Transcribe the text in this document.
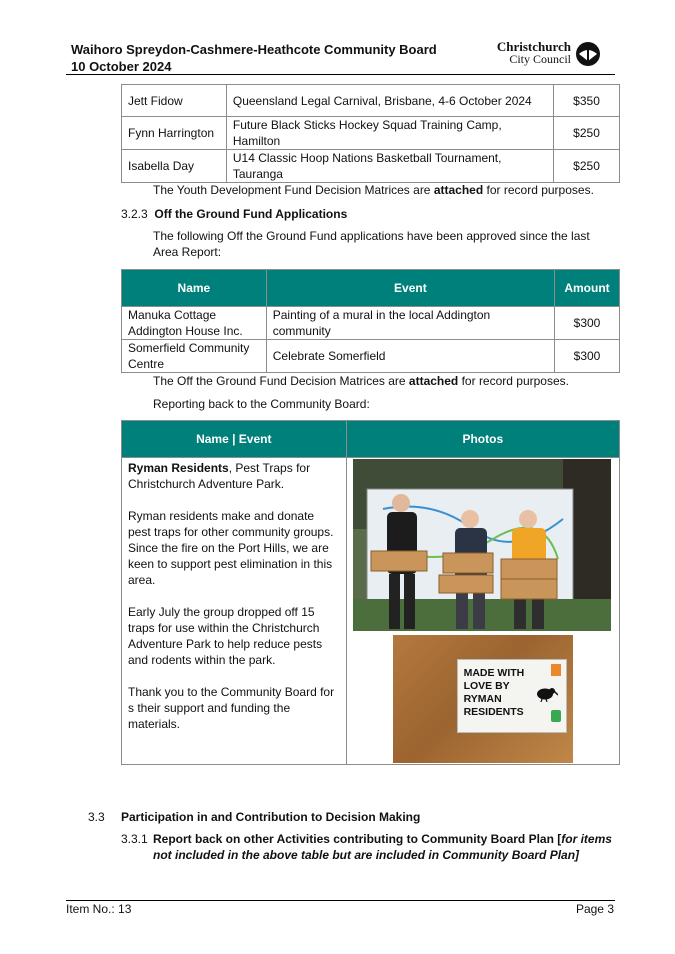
Waihoro Spreydon-Cashmere-Heathcote Community Board
10 October 2024
Christchurch
City Council
Jett Fidow	Queensland Legal Carnival, Brisbane, 4-6 October 2024	$350
Fynn Harrington	Future Black Sticks Hockey Squad Training Camp, Hamilton	$250
Isabella Day	U14 Classic Hoop Nations Basketball Tournament, Tauranga	$250
The Youth Development Fund Decision Matrices are attached for record purposes.
3.2.3 Off the Ground Fund Applications
The following Off the Ground Fund applications have been approved since the last Area Report:
Name	Event	Amount
Manuka Cottage Addington House Inc.	Painting of a mural in the local Addington community	$300
Somerfield Community Centre	Celebrate Somerfield	$300
The Off the Ground Fund Decision Matrices are attached for record purposes.
Reporting back to the Community Board:
Name | Event	Photos

Ryman Residents, Pest Traps for Christchurch Adventure Park.
Ryman residents make and donate pest traps for other community groups. Since the fire on the Port Hills, we are keen to support pest elimination in this area.
Early July the group dropped off 15 traps for use within the Christchurch Adventure Park to help reduce pests and rodents within the park.
Thank you to the Community Board for s their support and funding the materials.	MADE WITH LOVE BY RYMAN RESIDENTS
3.3 Participation in and Contribution to Decision Making
3.3.1 Report back on other Activities contributing to Community Board Plan [for items not included in the above table but are included in Community Board Plan]
Item No.: 13	Page 3
